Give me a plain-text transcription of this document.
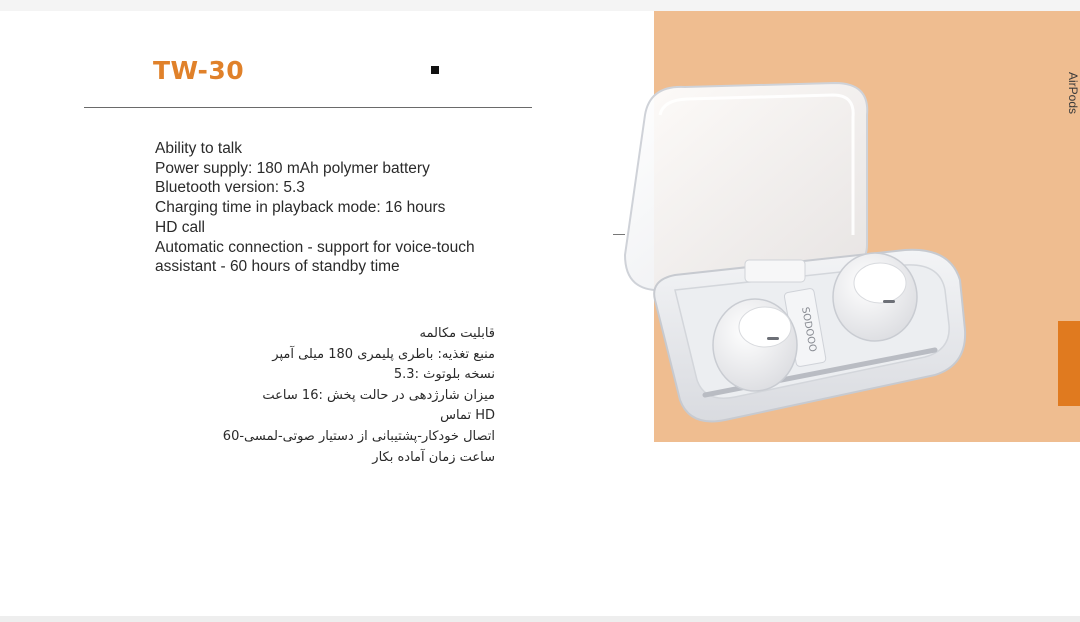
TW-30
Ability to talk
Power supply: 180 mAh polymer battery
Bluetooth version: 5.3
Charging time in playback mode: 16 hours
HD call
Automatic connection - support for voice-touch
assistant - 60 hours of standby time
قابلیت مکالمه
منبع تغذیه: باطری پلیمری 180 میلی آمپر
نسخه بلوتوث :5.3
میزان شارژدهی در حالت پخش :16 ساعت
HD تماس
اتصال خودکار-پشتیبانی از دستیار صوتی-لمسی-60
ساعت زمان آماده بکار
AirPods
SODOOO
